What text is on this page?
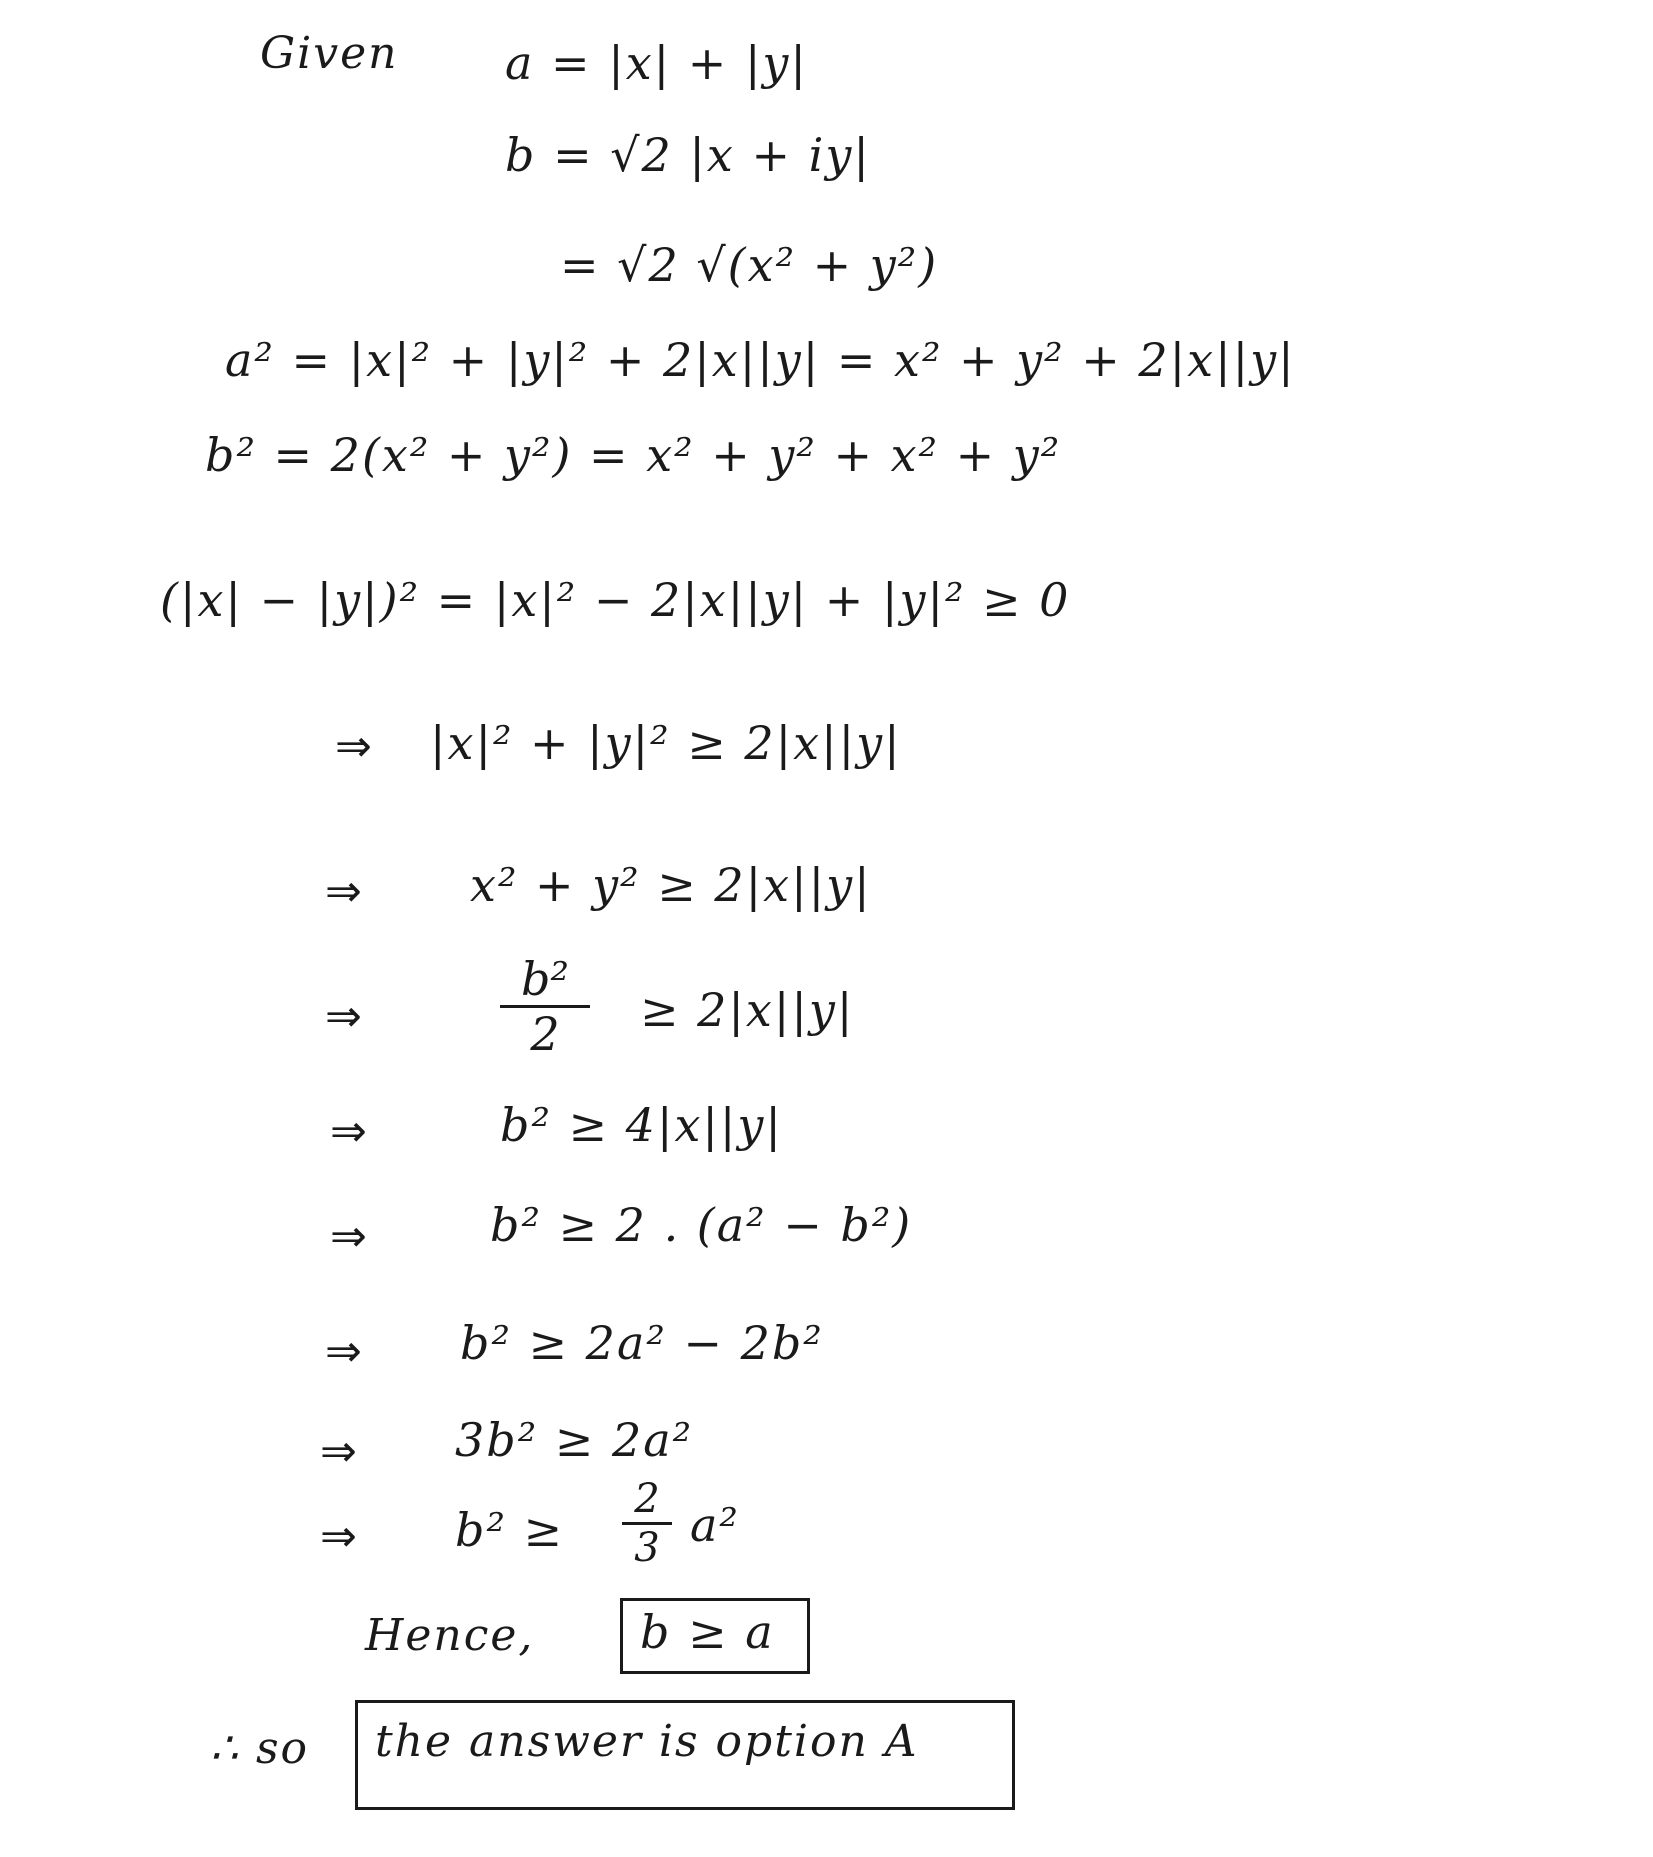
Given a = |x| + |y|
b = √2 |x + iy|
= √2 √(x² + y²)
a² = |x|² + |y|² + 2|x||y| = x² + y² + 2|x||y|
b² = 2(x² + y²) = x² + y² + x² + y²
(|x| − |y|)² = |x|² − 2|x||y| + |y|² ≥ 0
⇒ |x|² + |y|² ≥ 2|x||y|
⇒ x² + y² ≥ 2|x||y|
⇒
b²
2	≥ 2|x||y|
⇒	b² ≥ 4|x||y|
⇒	b² ≥ 2 . (a² − b²)
⇒ b² ≥ 2a² − 2b²
⇒ 3b² ≥ 2a²
⇒ b² ≥
2
3 a²
Hence, b ≥ a
∴ so the answer is option A
